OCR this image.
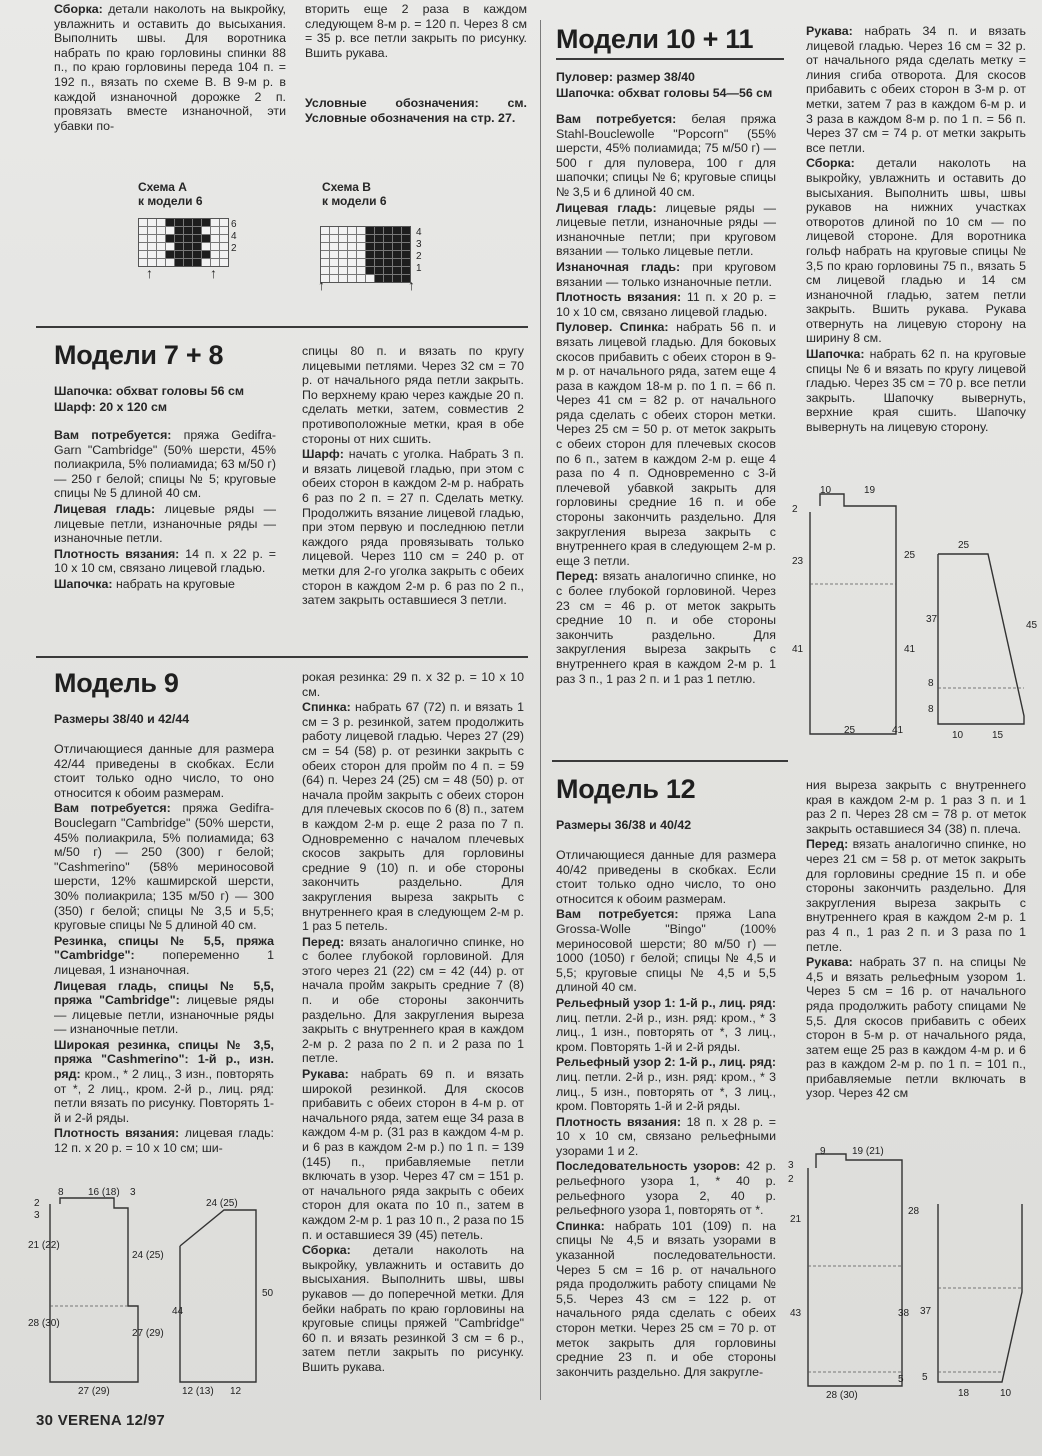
Сборка: детали наколоть на выкройку, увлажнить и оставить до высыхания. Выполнить швы. Для воротника набрать по краю горловины спинки 88 п., по краю горловины переда 104 п. = 192 п., вязать по схеме B. В 9-м р. в каждой изнаночной дорожке 2 п. провязать вместе изнаночной, эти убавки по-

вторить еще 2 раза в каждом следующем 8-м р. = 120 п. Через 8 см = 35 р. все петли закрыть по рисунку. Вшить рукава.

Условные обозначения: см. Условные обозначения на стр. 27.

Схема А
к модели 6
6
4
2
↑	↑
Схема В
к модели 6
4
3
2
1
↑	↑
Модели 7 + 8
Шапочка: обхват головы 56 см
Шарф: 20 x 120 см

Вам потребуется: пряжа Gedifra-Garn "Cambridge" (50% шерсти, 45% полиакрила, 5% полиамида; 63 м/50 г) — 250 г белой; спицы № 5; круговые спицы № 5 длиной 40 см.

Лицевая гладь: лицевые ряды — лицевые петли, изнаночные ряды — изнаночные петли.

Плотность вязания: 14 п. x 22 р. = 10 x 10 см, связано лицевой гладью.

Шапочка: набрать на круговые

спицы 80 п. и вязать по кругу лицевыми петлями. Через 32 см = 70 р. от начального ряда петли закрыть. По верхнему краю через каждые 20 п. сделать метки, затем, совместив 2 противоположные метки, края в обе стороны от них сшить.

Шарф: начать с уголка. Набрать 3 п. и вязать лицевой гладью, при этом с обеих сторон в каждом 2-м р. набрать 6 раз по 2 п. = 27 п. Сделать метку. Продолжить вязание лицевой гладью, при этом первую и последнюю петли каждого ряда провязывать только лицевой. Через 110 см = 240 р. от метки для 2-го уголка закрыть с обеих сторон в каждом 2-м р. 6 раз по 2 п., затем закрыть оставшиеся 3 петли.

Модель 9
Размеры 38/40 и 42/44

Отличающиеся данные для размера 42/44 приведены в скобках. Если стоит только одно число, то оно относится к обоим размерам.

Вам потребуется: пряжа Gedifra-Bouclegarn "Cambridge" (50% шерсти, 45% полиакрила, 5% полиамида; 63 м/50 г) — 250 (300) г белой; "Cashmerino" (58% мериносовой шерсти, 12% кашмирской шерсти, 30% полиакрила; 135 м/50 г) — 300 (350) г белой; спицы № 3,5 и 5,5; круговые спицы № 5 длиной 40 см.

Резинка, спицы № 5,5, пряжа "Cambridge": попеременно 1 лицевая, 1 изнаночная.

Лицевая гладь, спицы № 5,5, пряжа "Cambridge": лицевые ряды — лицевые петли, изнаночные ряды — изнаночные петли.

Широкая резинка, спицы № 3,5, пряжа "Cashmerino": 1-й р., изн. ряд: кром., * 2 лиц., 3 изн., повторять от *, 2 лиц., кром. 2-й р., лиц. ряд: петли вязать по рисунку. Повторять 1-й и 2-й ряды.

Плотность вязания: лицевая гладь: 12 п. x 20 р. = 10 x 10 см; ши-

рокая резинка: 29 п. x 32 р. = 10 x 10 см.

Спинка: набрать 67 (72) п. и вязать 1 см = 3 р. резинкой, затем продолжить работу лицевой гладью. Через 27 (29) см = 54 (58) р. от резинки закрыть с обеих сторон для пройм по 4 п. = 59 (64) п. Через 24 (25) см = 48 (50) р. от начала пройм закрыть с обеих сторон для плечевых скосов по 6 (8) п., затем в каждом 2-м р. еще 2 раза по 7 п. Одновременно с началом плечевых скосов закрыть для горловины средние 9 (10) п. и обе стороны закончить раздельно. Для закругления выреза закрыть с внутреннего края в следующем 2-м р. 1 раз 5 петель.

Перед: вязать аналогично спинке, но с более глубокой горловиной. Для этого через 21 (22) см = 42 (44) р. от начала пройм закрыть средние 7 (8) п. и обе стороны закончить раздельно. Для закругления выреза закрыть с внутреннего края в каждом 2-м р. 2 раза по 2 п. и 2 раза по 1 петле.

Рукава: набрать 69 п. и вязать широкой резинкой. Для скосов прибавить с обеих сторон в 4-м р. от начального ряда, затем еще 34 раза в каждом 4-м р. (31 раз в каждом 4-м р. и 6 раз в каждом 2-м р.) по 1 п. = 139 (145) п., прибавляемые петли включать в узор. Через 47 см = 151 р. от начального ряда закрыть с обеих сторон для оката по 10 п., затем в каждом 2-м р. 1 раз 10 п., 2 раза по 15 п. и оставшиеся 39 (45) петель.

Сборка: детали наколоть на выкройку, увлажнить и оставить до высыхания. Выполнить швы, швы рукавов — до поперечной метки. Для бейки набрать по краю горловины на круговые спицы пряжей "Cambridge" 60 п. и вязать резинкой 3 см = 6 р., затем петли закрыть по рисунку. Вшить рукава.

8 16 (18) 3
2
3
21 (22)
28 (30)
24 (25)
27 (29)
27 (29)
24 (25)
44
50
12 (13) 12
Модели 10 + 11
Пуловер: размер 38/40
Шапочка: обхват головы 54—56 см

Вам потребуется: белая пряжа Stahl-Bouclewolle "Popcorn" (55% шерсти, 45% полиамида; 75 м/50 г) — 500 г для пуловера, 100 г для шапочки; спицы № 6; круговые спицы № 3,5 и 6 длиной 40 см.

Лицевая гладь: лицевые ряды — лицевые петли, изнаночные ряды — изнаночные петли; при круговом вязании — только лицевые петли.

Изнаночная гладь: при круговом вязании — только изнаночные петли.

Плотность вязания: 11 п. x 20 р. = 10 x 10 см, связано лицевой гладью.

Пуловер. Спинка: набрать 56 п. и вязать лицевой гладью. Для боковых скосов прибавить с обеих сторон в 9-м р. от начального ряда, затем еще 4 раза в каждом 18-м р. по 1 п. = 66 п. Через 41 см = 82 р. от начального ряда сделать с обеих сторон метки. Через 25 см = 50 р. от меток закрыть с обеих сторон для плечевых скосов по 6 п., затем в каждом 2-м р. еще 4 раза по 4 п. Одновременно с 3-й плечевой убавкой закрыть для горловины средние 16 п. и обе стороны закончить раздельно. Для закругления выреза закрыть с внутреннего края в следующем 2-м р. еще 3 петли.

Перед: вязать аналогично спинке, но с более глубокой горловиной. Через 23 см = 46 р. от меток закрыть средние 10 п. и обе стороны закончить раздельно. Для закругления выреза закрыть с внутреннего края в каждом 2-м р. 1 раз 3 п., 1 раз 2 п. и 1 раз 1 петлю.

Рукава: набрать 34 п. и вязать лицевой гладью. Через 16 см = 32 р. от начального ряда сделать метку = линия сгиба отворота. Для скосов прибавить с обеих сторон в 3-м р. от метки, затем 7 раз в каждом 6-м р. и 3 раза в каждом 8-м р. по 1 п. = 56 п. Через 37 см = 74 р. от метки закрыть все петли.

Сборка: детали наколоть на выкройку, увлажнить и оставить до высыхания. Выполнить швы, швы рукавов на нижних участках отворотов длиной по 10 см — по лицевой стороне. Для воротника гольф набрать на круговые спицы № 3,5 по краю горловины 75 п., вязать 5 см лицевой гладью и 14 см изнаночной гладью, затем петли закрыть. Вшить рукава. Рукава отвернуть на лицевую сторону на ширину 8 см.

Шапочка: набрать 62 п. на круговые спицы № 6 и вязать по кругу лицевой гладью. Через 35 см = 70 р. все петли закрыть. Шапочку вывернуть, верхние края сшить. Шапочку вывернуть на лицевую сторону.

10	19
2
23
25
41	41
25	41
25
37
45
8
8
10	15
Модель 12
Размеры 36/38 и 40/42

Отличающиеся данные для размера 40/42 приведены в скобках. Если стоит только одно число, то оно относится к обоим размерам.

Вам потребуется: пряжа Lana Grossa-Wolle "Bingo" (100% мериносовой шерсти; 80 м/50 г) — 1000 (1050) г белой; спицы № 4,5 и 5,5; круговые спицы № 4,5 и 5,5 длиной 40 см.

Рельефный узор 1: 1-й р., лиц. ряд: лиц. петли. 2-й р., изн. ряд: кром., * 3 лиц., 1 изн., повторять от *, 3 лиц., кром. Повторять 1-й и 2-й ряды.

Рельефный узор 2: 1-й р., лиц. ряд: лиц. петли. 2-й р., изн. ряд: кром., * 3 лиц., 5 изн., повторять от *, 3 лиц., кром. Повторять 1-й и 2-й ряды.

Плотность вязания: 18 п. x 28 р. = 10 x 10 см, связано рельефными узорами 1 и 2.

Последовательность узоров: 42 р. рельефного узора 1, * 40 р. рельефного узора 2, 40 р. рельефного узора 1, повторять от *.

Спинка: набрать 101 (109) п. на спицы № 4,5 и вязать узорами в указанной последовательности. Через 5 см = 16 р. от начального ряда продолжить работу спицами № 5,5. Через 43 см = 122 р. от начального ряда сделать с обеих сторон метки. Через 25 см = 70 р. от меток закрыть для горловины средние 23 п. и обе стороны закончить раздельно. Для закругле-

ния выреза закрыть с внутреннего края в каждом 2-м р. 1 раз 3 п. и 1 раз 2 п. Через 28 см = 78 р. от меток закрыть оставшиеся 34 (38) п. плеча.

Перед: вязать аналогично спинке, но через 21 см = 58 р. от меток закрыть для горловины средние 15 п. и обе стороны закончить раздельно. Для закругления выреза закрыть с внутреннего края в каждом 2-м р. 1 раз 4 п., 1 раз 2 п. и 3 раза по 1 петле.

Рукава: набрать 37 п. на спицы № 4,5 и вязать рельефным узором 1. Через 5 см = 16 р. от начального ряда продолжить работу спицами № 5,5. Для скосов прибавить с обеих сторон в 5-м р. от начального ряда, затем еще 25 раз в каждом 4-м р. и 6 раз в каждом 2-м р. по 1 п. = 101 п., прибавляемые петли включать в узор. Через 42 см

9	19 (21)
3
2
21
43
28
38
5
28 (30)
37
5
18	10
30 VERENA 12/97
